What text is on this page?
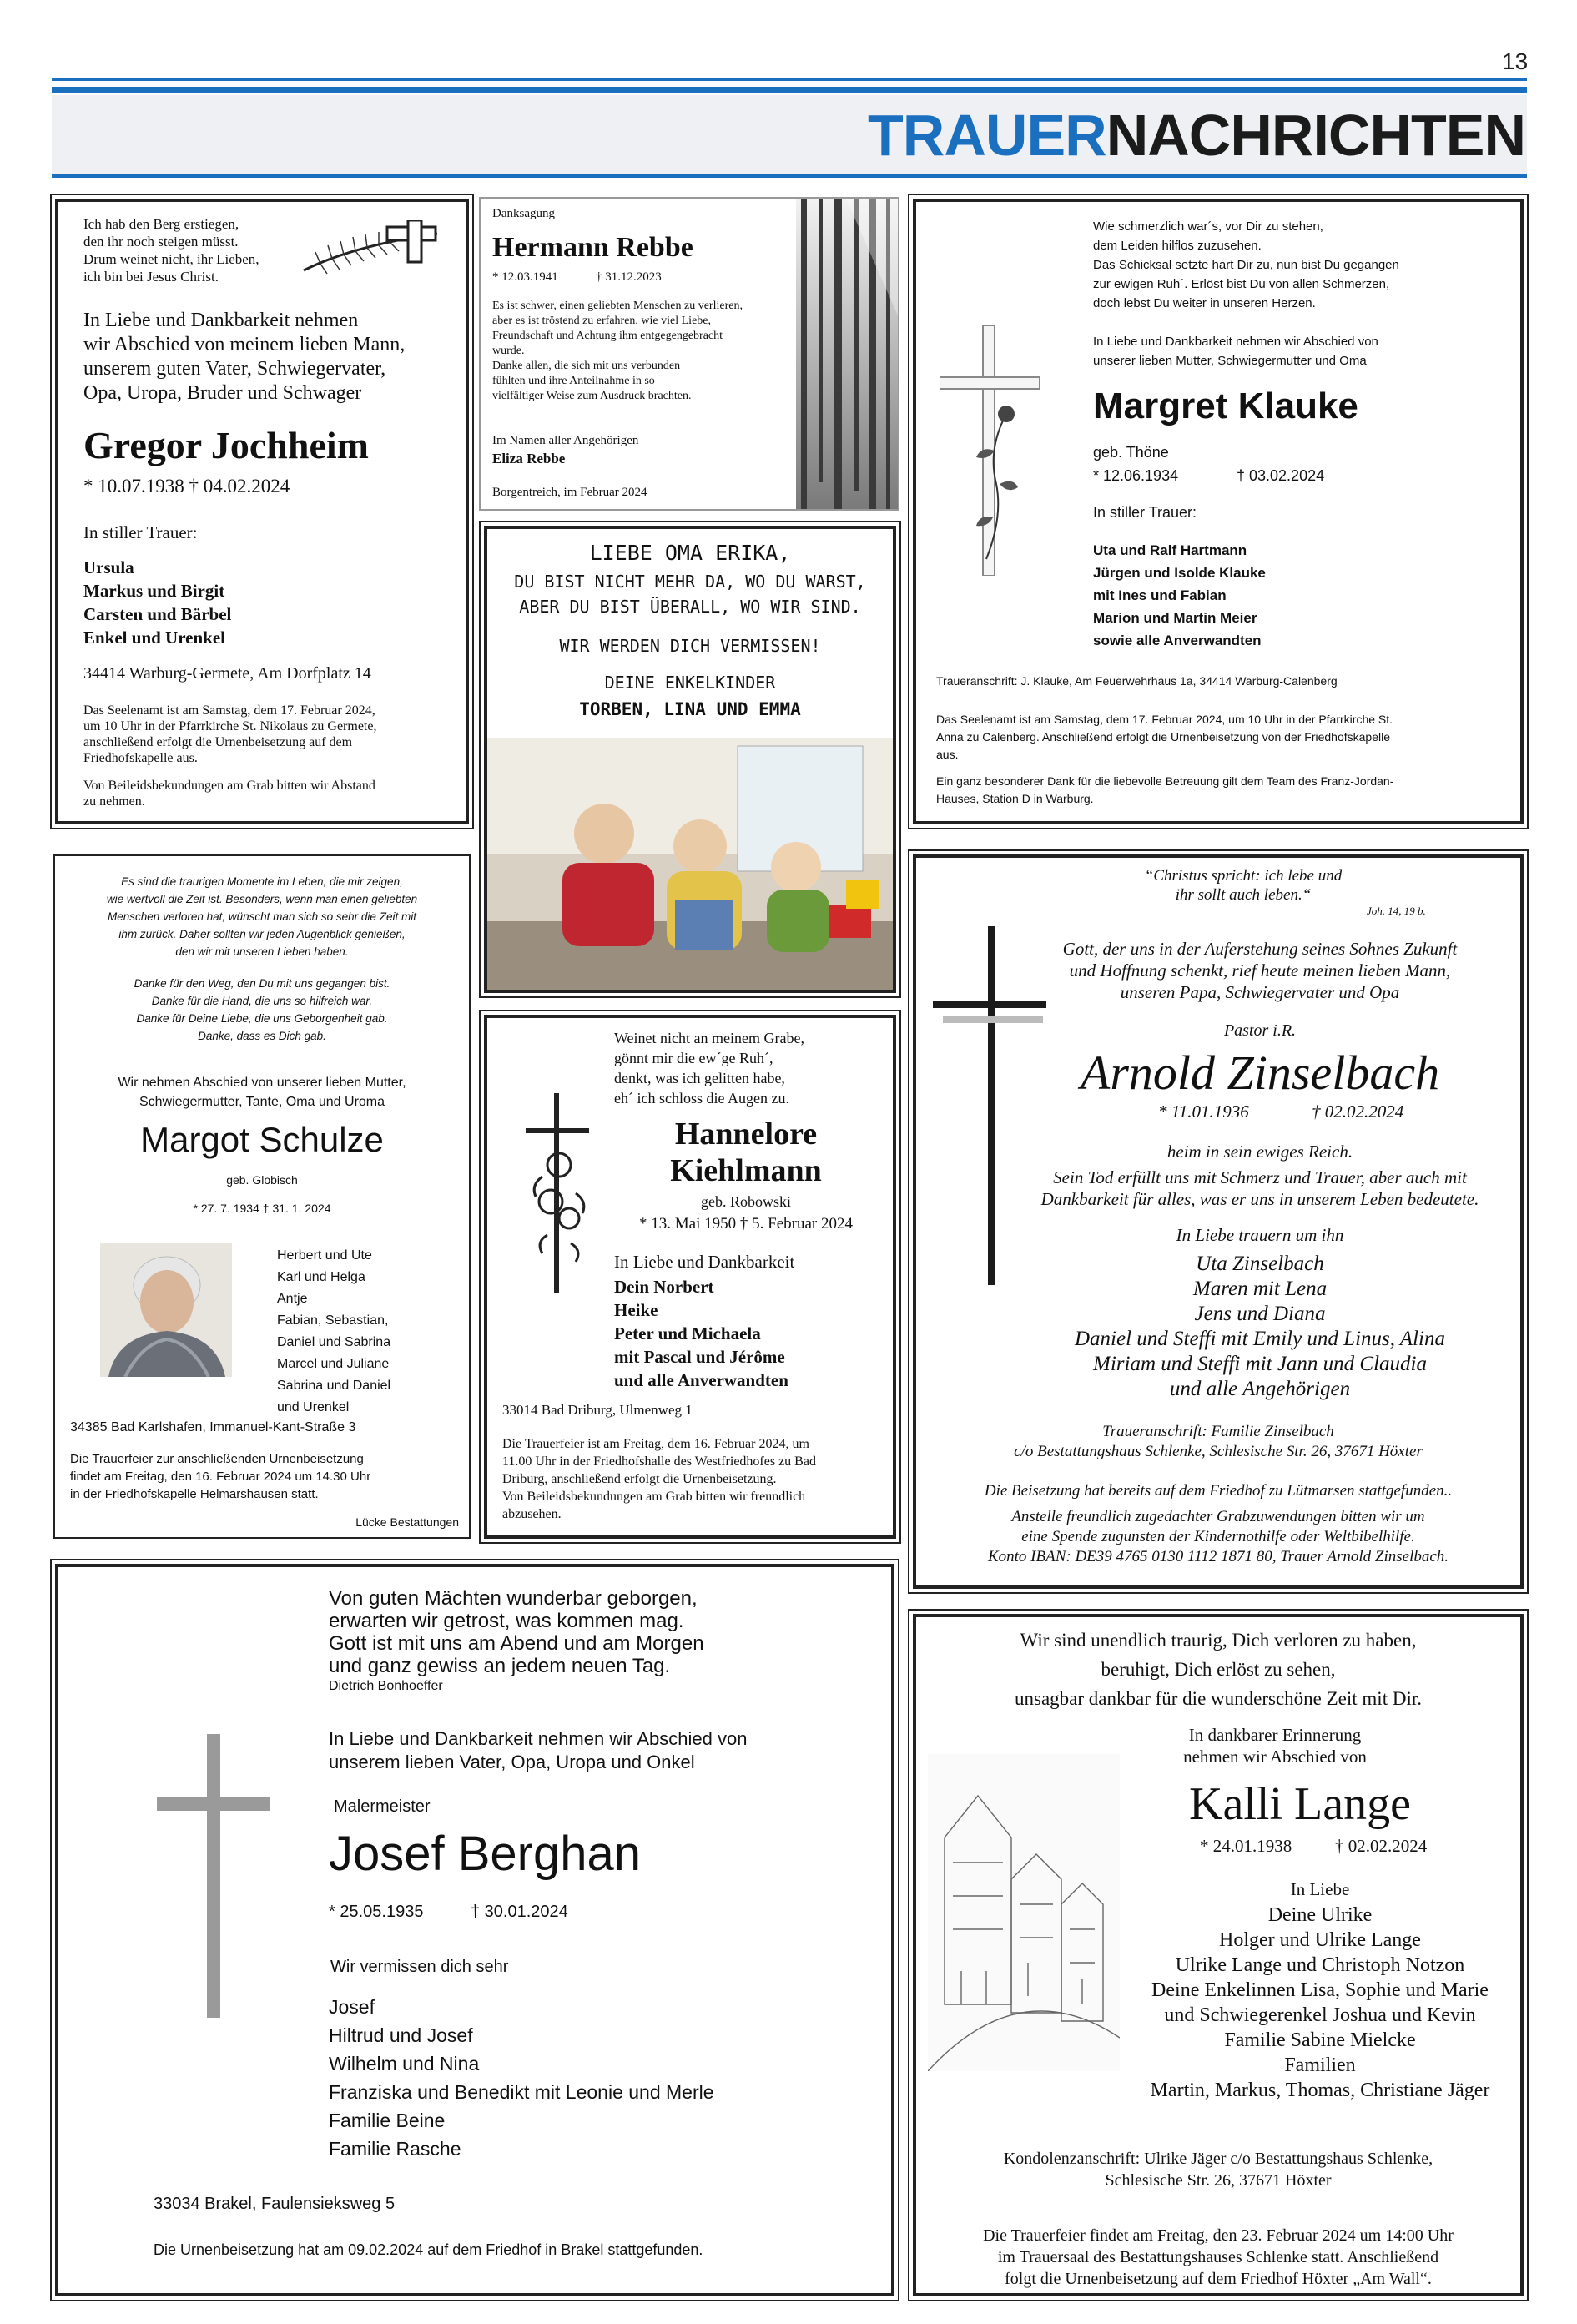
13
TRAUERNACHRICHTEN

Ich hab den Berg erstiegen,
den ihr noch steigen müsst.
Drum weinet nicht, ihr Lieben,
ich bin bei Jesus Christ.

In Liebe und Dankbarkeit nehmen
wir Abschied von meinem lieben Mann,
unserem guten Vater, Schwiegervater,
Opa, Uropa, Bruder und Schwager

Gregor Jochheim

* 10.07.1938 † 04.02.2024

In stiller Trauer:

Ursula
Markus und Birgit
Carsten und Bärbel
Enkel und Urenkel

34414 Warburg-Germete, Am Dorfplatz 14

Das Seelenamt ist am Samstag, dem 17. Februar 2024,
um 10 Uhr in der Pfarrkirche St. Nikolaus zu Germete,
anschließend erfolgt die Urnenbeisetzung auf dem
Friedhofskapelle aus.

Von Beileidsbekundungen am Grab bitten wir Abstand
zu nehmen.

Danksagung

Hermann Rebbe

* 12.03.1941	† 31.12.2023

Es ist schwer, einen geliebten Menschen zu verlieren,
aber es ist tröstend zu erfahren, wie viel Liebe,
Freundschaft und Achtung ihm entgegengebracht
wurde.
Danke allen, die sich mit uns verbunden
fühlten und ihre Anteilnahme in so
vielfältiger Weise zum Ausdruck brachten.

Im Namen aller Angehörigen

Eliza Rebbe

Borgentreich, im Februar 2024

LIEBE OMA ERIKA,

DU BIST NICHT MEHR DA, WO DU WARST,
ABER DU BIST ÜBERALL, WO WIR SIND.

WIR WERDEN DICH VERMISSEN!

DEINE ENKELKINDER

TORBEN, LINA UND EMMA

Wie schmerzlich war´s, vor Dir zu stehen,
dem Leiden hilflos zuzusehen.
Das Schicksal setzte hart Dir zu, nun bist Du gegangen
zur ewigen Ruh´. Erlöst bist Du von allen Schmerzen,
doch lebst Du weiter in unseren Herzen.

In Liebe und Dankbarkeit nehmen wir Abschied von
unserer lieben Mutter, Schwiegermutter und Oma

Margret Klauke

geb. Thöne

* 12.06.1934	† 03.02.2024

In stiller Trauer:

Uta und Ralf Hartmann
Jürgen und Isolde Klauke
mit Ines und Fabian
Marion und Martin Meier
sowie alle Anverwandten

Traueranschrift: J. Klauke, Am Feuerwehrhaus 1a, 34414 Warburg-Calenberg

Das Seelenamt ist am Samstag, dem 17. Februar 2024, um 10 Uhr in der Pfarrkirche St.
Anna zu Calenberg. Anschließend erfolgt die Urnenbeisetzung von der Friedhofskapelle
aus.

Ein ganz besonderer Dank für die liebevolle Betreuung gilt dem Team des Franz-Jordan-
Hauses, Station D in Warburg.

Es sind die traurigen Momente im Leben, die mir zeigen,
wie wertvoll die Zeit ist. Besonders, wenn man einen geliebten
Menschen verloren hat, wünscht man sich so sehr die Zeit mit
ihm zurück. Daher sollten wir jeden Augenblick genießen,
den wir mit unseren Lieben haben.

Danke für den Weg, den Du mit uns gegangen bist.
Danke für die Hand, die uns so hilfreich war.
Danke für Deine Liebe, die uns Geborgenheit gab.
Danke, dass es Dich gab.

Wir nehmen Abschied von unserer lieben Mutter,
Schwiegermutter, Tante, Oma und Uroma

Margot Schulze

geb. Globisch

* 27. 7. 1934 † 31. 1. 2024

Herbert und Ute
Karl und Helga
Antje
Fabian, Sebastian,
Daniel und Sabrina
Marcel und Juliane
Sabrina und Daniel
und Urenkel

34385 Bad Karlshafen, Immanuel-Kant-Straße 3

Die Trauerfeier zur anschließenden Urnenbeisetzung
findet am Freitag, den 16. Februar 2024 um 14.30 Uhr
in der Friedhofskapelle Helmarshausen statt.

Lücke Bestattungen

Weinet nicht an meinem Grabe,
gönnt mir die ew´ge Ruh´,
denkt, was ich gelitten habe,
eh´ ich schloss die Augen zu.

Hannelore

Kiehlmann

geb. Robowski

* 13. Mai 1950 † 5. Februar 2024

In Liebe und Dankbarkeit

Dein Norbert
Heike
Peter und Michaela
mit Pascal und Jérôme
und alle Anverwandten

33014 Bad Driburg, Ulmenweg 1

Die Trauerfeier ist am Freitag, dem 16. Februar 2024, um
11.00 Uhr in der Friedhofshalle des Westfriedhofes zu Bad
Driburg, anschließend erfolgt die Urnenbeisetzung.
Von Beileidsbekundungen am Grab bitten wir freundlich
abzusehen.

“Christus spricht: ich lebe und
ihr sollt auch leben.“

Joh. 14, 19 b.

Gott, der uns in der Auferstehung seines Sohnes Zukunft
und Hoffnung schenkt, rief heute meinen lieben Mann,
unseren Papa, Schwiegervater und Opa

Pastor i.R.

Arnold Zinselbach

* 11.01.1936	† 02.02.2024

heim in sein ewiges Reich.

Sein Tod erfüllt uns mit Schmerz und Trauer, aber auch mit
Dankbarkeit für alles, was er uns in unserem Leben bedeutete.

In Liebe trauern um ihn

Uta Zinselbach
Maren mit Lena
Jens und Diana
Daniel und Steffi mit Emily und Linus, Alina
Miriam und Steffi mit Jann und Claudia
und alle Angehörigen

Traueranschrift: Familie Zinselbach
c/o Bestattungshaus Schlenke, Schlesische Str. 26, 37671 Höxter

Die Beisetzung hat bereits auf dem Friedhof zu Lütmarsen stattgefunden..

Anstelle freundlich zugedachter Grabzuwendungen bitten wir um
eine Spende zugunsten der Kindernothilfe oder Weltbibelhilfe.
Konto IBAN: DE39 4765 0130 1112 1871 80, Trauer Arnold Zinselbach.

Von guten Mächten wunderbar geborgen,
erwarten wir getrost, was kommen mag.
Gott ist mit uns am Abend und am Morgen
und ganz gewiss an jedem neuen Tag.

Dietrich Bonhoeffer

In Liebe und Dankbarkeit nehmen wir Abschied von
unserem lieben Vater, Opa, Uropa und Onkel

Malermeister

Josef Berghan

* 25.05.1935	† 30.01.2024

Wir vermissen dich sehr

Josef
Hiltrud und Josef
Wilhelm und Nina
Franziska und Benedikt mit Leonie und Merle
Familie Beine
Familie Rasche

33034 Brakel, Faulensieksweg 5

Die Urnenbeisetzung hat am 09.02.2024 auf dem Friedhof in Brakel stattgefunden.

Wir sind unendlich traurig, Dich verloren zu haben,
beruhigt, Dich erlöst zu sehen,
unsagbar dankbar für die wunderschöne Zeit mit Dir.

In dankbarer Erinnerung
nehmen wir Abschied von

Kalli Lange

* 24.01.1938 † 02.02.2024

In Liebe

Deine Ulrike
Holger und Ulrike Lange
Ulrike Lange und Christoph Notzon
Deine Enkelinnen Lisa, Sophie und Marie
und Schwiegerenkel Joshua und Kevin
Familie Sabine Mielcke
Familien
Martin, Markus, Thomas, Christiane Jäger

Kondolenzanschrift: Ulrike Jäger c/o Bestattungshaus Schlenke,
Schlesische Str. 26, 37671 Höxter

Die Trauerfeier findet am Freitag, den 23. Februar 2024 um 14:00 Uhr
im Trauersaal des Bestattungshauses Schlenke statt. Anschließend
folgt die Urnenbeisetzung auf dem Friedhof Höxter „Am Wall“.
